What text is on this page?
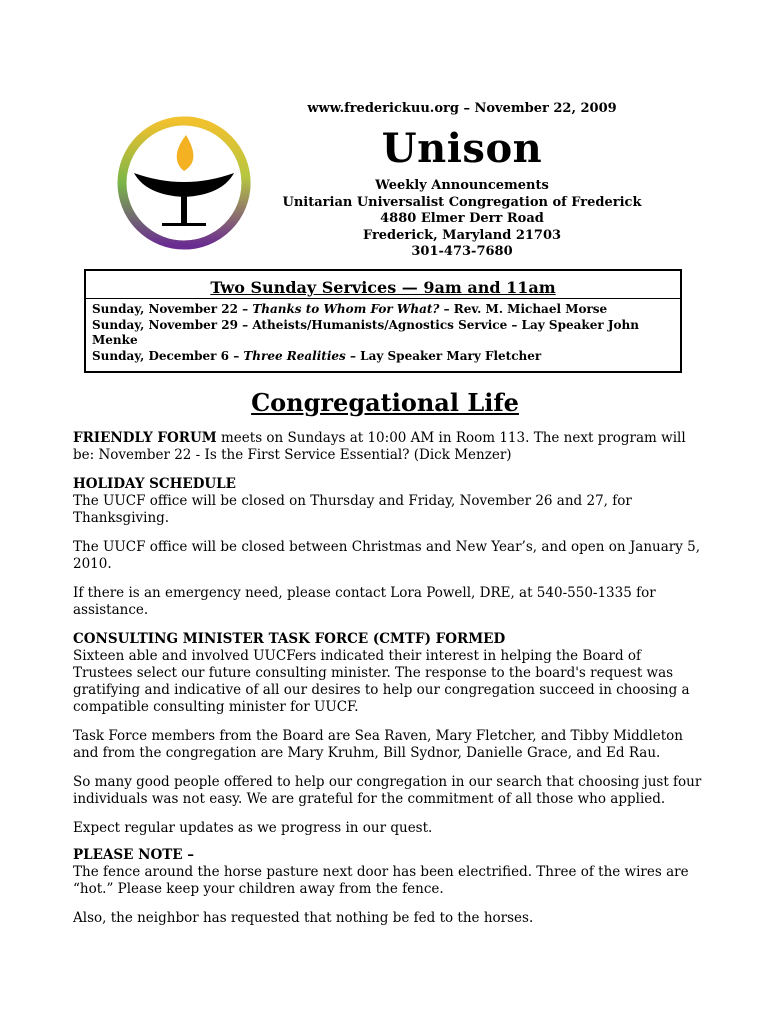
www.frederickuu.org – November 22, 2009
Unison
Weekly Announcements
Unitarian Universalist Congregation of Frederick
4880 Elmer Derr Road
Frederick, Maryland 21703
301-473-7680
Two Sunday Services — 9am and 11am
Sunday, November 22 – Thanks to Whom For What? – Rev. M. Michael Morse
Sunday, November 29 – Atheists/Humanists/Agnostics Service – Lay Speaker John Menke
Sunday, December 6 – Three Realities – Lay Speaker Mary Fletcher
Congregational Life

FRIENDLY FORUM meets on Sundays at 10:00 AM in Room 113. The next program will be: November 22 - Is the First Service Essential? (Dick Menzer)

HOLIDAY SCHEDULE
The UUCF office will be closed on Thursday and Friday, November 26 and 27, for Thanksgiving.

The UUCF office will be closed between Christmas and New Year’s, and open on January 5, 2010.

If there is an emergency need, please contact Lora Powell, DRE, at 540-550-1335 for assistance.

CONSULTING MINISTER TASK FORCE (CMTF) FORMED
Sixteen able and involved UUCFers indicated their interest in helping the Board of Trustees select our future consulting minister. The response to the board's request was gratifying and indicative of all our desires to help our congregation succeed in choosing a compatible consulting minister for UUCF.

Task Force members from the Board are Sea Raven, Mary Fletcher, and Tibby Middleton and from the congregation are Mary Kruhm, Bill Sydnor, Danielle Grace, and Ed Rau.

So many good people offered to help our congregation in our search that choosing just four individuals was not easy. We are grateful for the commitment of all those who applied.

Expect regular updates as we progress in our quest.

PLEASE NOTE –
The fence around the horse pasture next door has been electrified. Three of the wires are “hot.” Please keep your children away from the fence.

Also, the neighbor has requested that nothing be fed to the horses.
